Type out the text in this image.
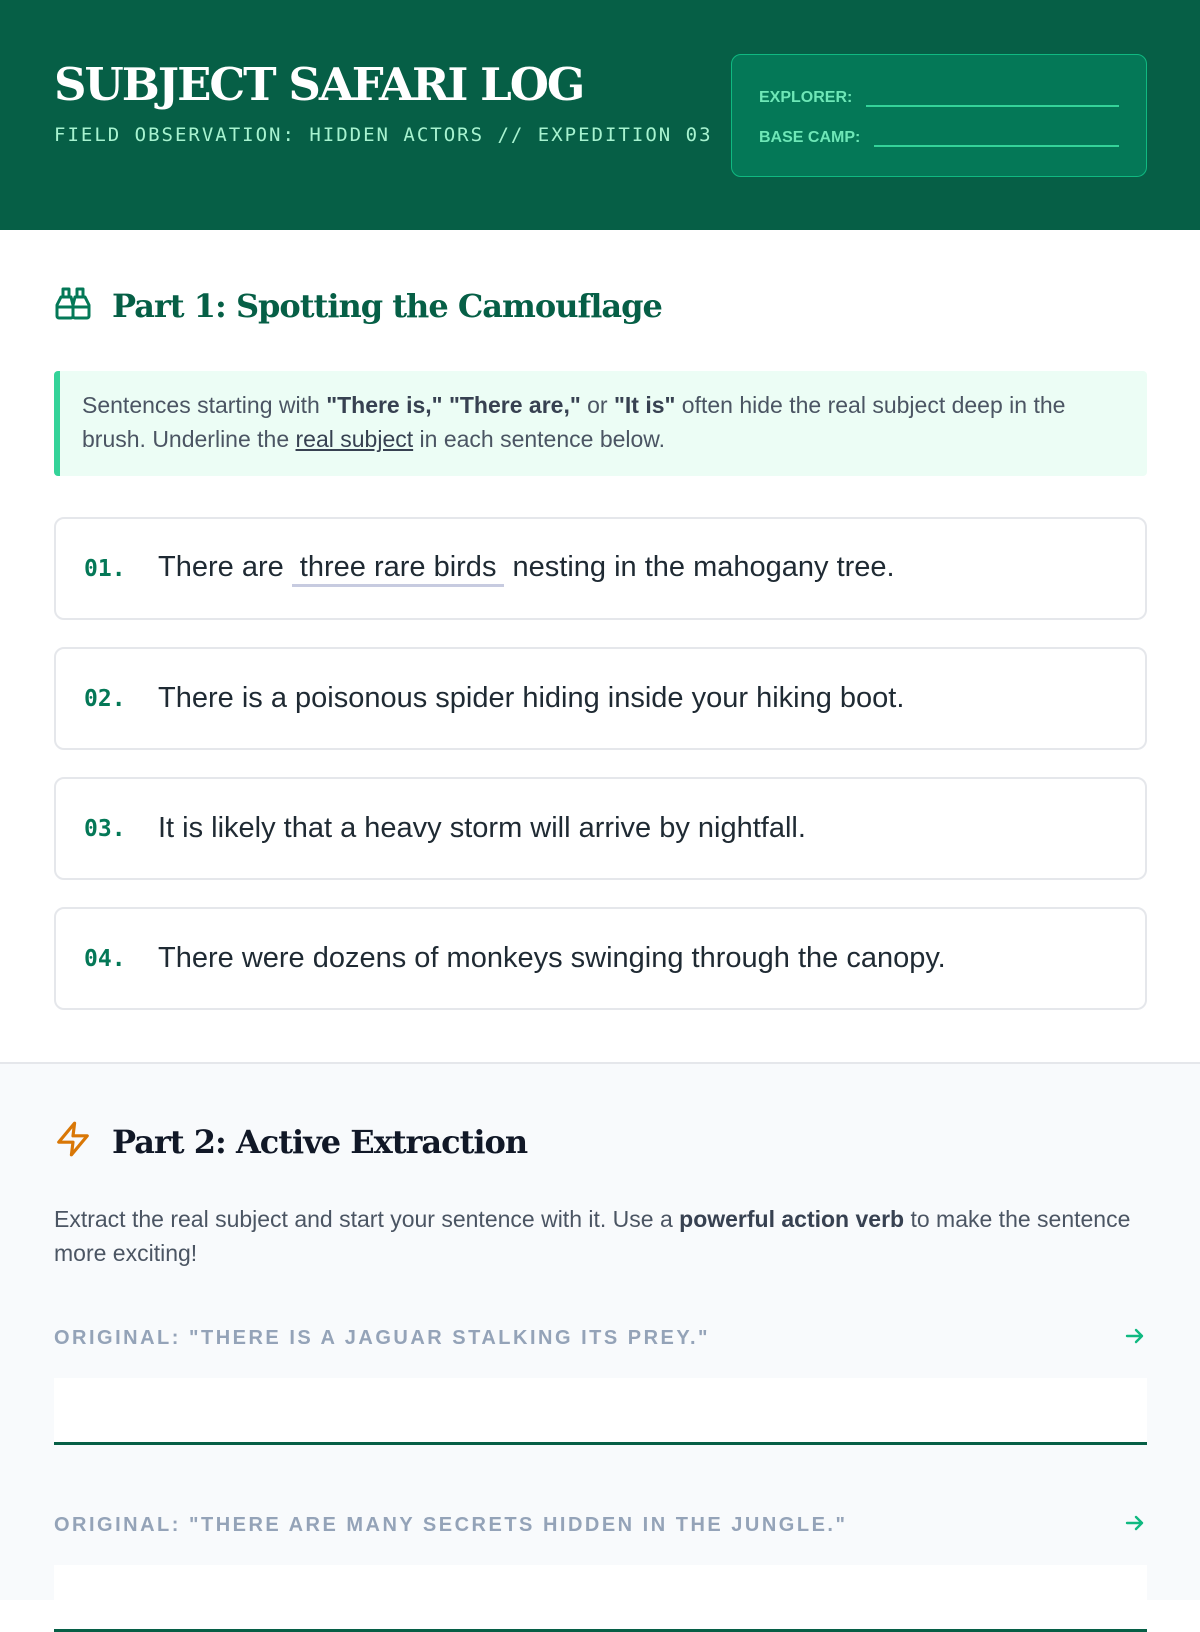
SUBJECT SAFARI LOG
FIELD OBSERVATION: HIDDEN ACTORS // EXPEDITION 03
EXPLORER:
BASE CAMP:
Part 1: Spotting the Camouflage
Sentences starting with "There is," "There are," or "It is" often hide the real subject deep in the brush. Underline the real subject in each sentence below.
01.	There are three rare birds nesting in the mahogany tree.
02.	There is a poisonous spider hiding inside your hiking boot.
03.	It is likely that a heavy storm will arrive by nightfall.
04.	There were dozens of monkeys swinging through the canopy.
Part 2: Active Extraction
Extract the real subject and start your sentence with it. Use a powerful action verb to make the sentence more exciting!
ORIGINAL: "THERE IS A JAGUAR STALKING ITS PREY."
ORIGINAL: "THERE ARE MANY SECRETS HIDDEN IN THE JUNGLE."
